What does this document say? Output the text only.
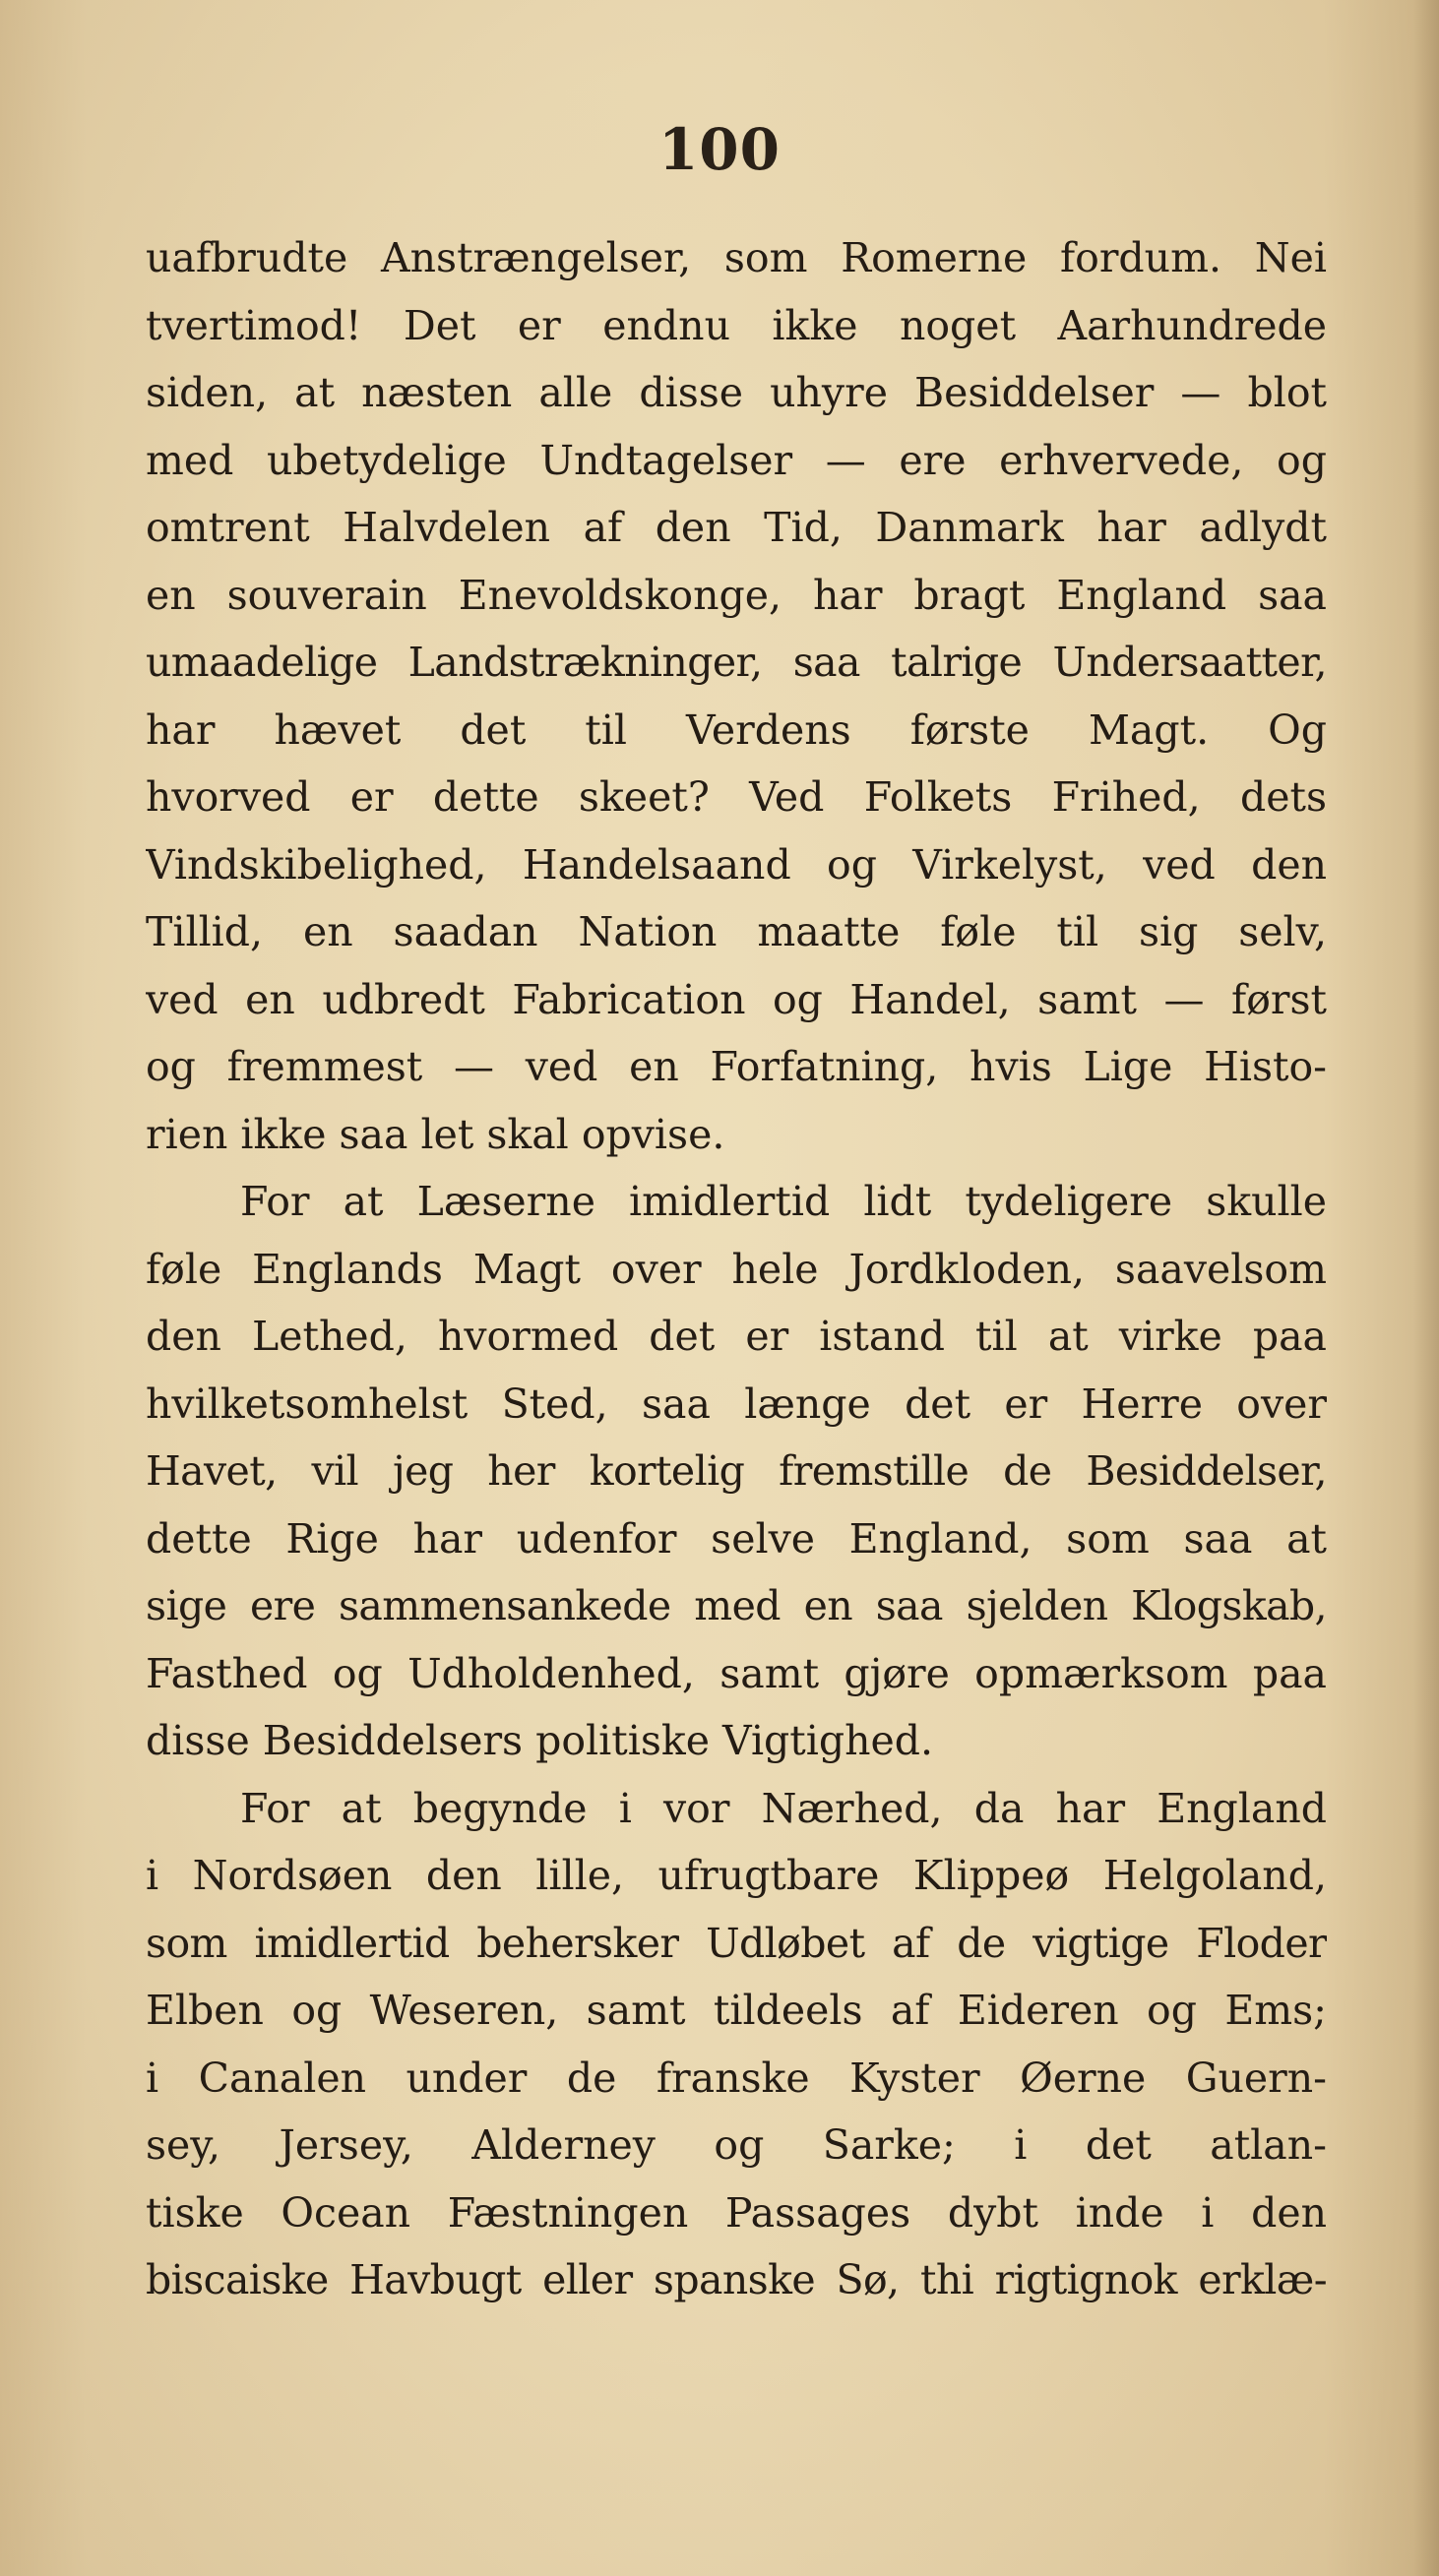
100
uafbrudte Anstrængelser, som Romerne fordum. Nei
tvertimod! Det er endnu ikke noget Aarhundrede
siden, at næsten alle disse uhyre Besiddelser — blot
med ubetydelige Undtagelser — ere erhvervede, og
omtrent Halvdelen af den Tid, Danmark har adlydt
en souverain Enevoldskonge, har bragt England saa
umaadelige Landstrækninger, saa talrige Undersaatter,
har hævet det til Verdens første Magt. Og
hvorved er dette skeet? Ved Folkets Frihed, dets
Vindskibelighed, Handelsaand og Virkelyst, ved den
Tillid, en saadan Nation maatte føle til sig selv,
ved en udbredt Fabrication og Handel, samt — først
og fremmest — ved en Forfatning, hvis Lige Histo-
rien ikke saa let skal opvise.
For at Læserne imidlertid lidt tydeligere skulle
føle Englands Magt over hele Jordkloden, saavelsom
den Lethed, hvormed det er istand til at virke paa
hvilketsomhelst Sted, saa længe det er Herre over
Havet, vil jeg her kortelig fremstille de Besiddelser,
dette Rige har udenfor selve England, som saa at
sige ere sammensankede med en saa sjelden Klogskab,
Fasthed og Udholdenhed, samt gjøre opmærksom paa
disse Besiddelsers politiske Vigtighed.
For at begynde i vor Nærhed, da har England
i Nordsøen den lille, ufrugtbare Klippeø Helgoland,
som imidlertid behersker Udløbet af de vigtige Floder
Elben og Weseren, samt tildeels af Eideren og Ems;
i Canalen under de franske Kyster Øerne Guern-
sey, Jersey, Alderney og Sarke; i det atlan-
tiske Ocean Fæstningen Passages dybt inde i den
biscaiske Havbugt eller spanske Sø, thi rigtignok erklæ-
